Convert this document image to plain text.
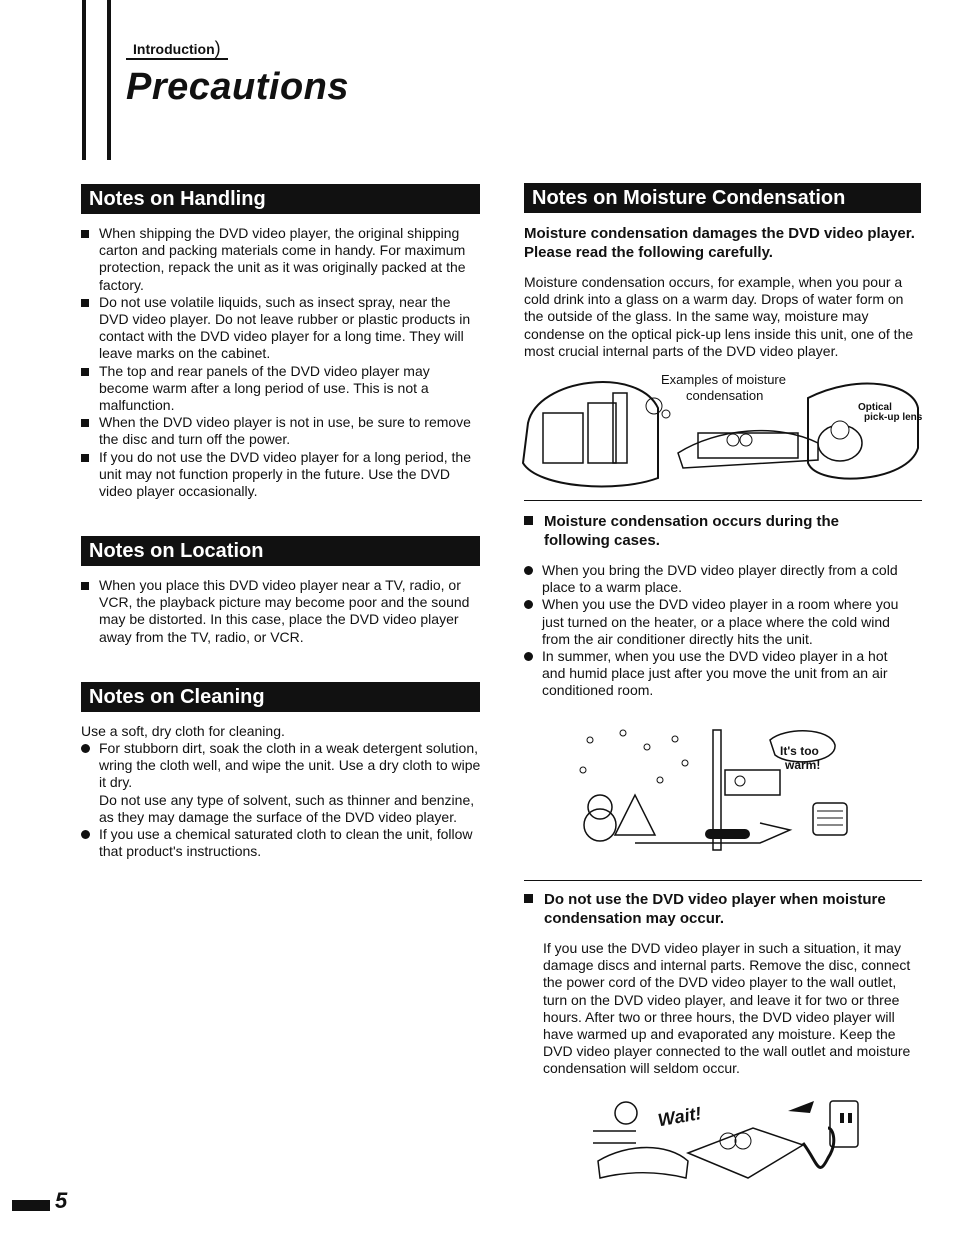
Introduction)
Precautions
Notes on Handling
When shipping the DVD video player, the original shipping carton and packing materials come in handy. For maximum protection, repack the unit as it was originally packed at the factory.
Do not use volatile liquids, such as insect spray, near the DVD video player. Do not leave rubber or plastic products in contact with the DVD video player for a long time. They will leave marks on the cabinet.
The top and rear panels of the DVD video player may become warm after a long period of use. This is not a malfunction.
When the DVD video player is not in use, be sure to remove the disc and turn off the power.
If you do not use the DVD video player for a long period, the unit may not function properly in the future. Use the DVD video player occasionally.
Notes on Location
When you place this DVD video player near a TV, radio, or VCR, the playback picture may become poor and the sound may be distorted. In this case, place the DVD video player away from the TV, radio, or VCR.
Notes on Cleaning
Use a soft, dry cloth for cleaning.
For stubborn dirt, soak the cloth in a weak detergent solution, wring the cloth well, and wipe the unit. Use a dry cloth to wipe it dry.
Do not use any type of solvent, such as thinner and benzine, as they may damage the surface of the DVD video player.
If you use a chemical saturated cloth to clean the unit, follow that product's instructions.
Notes on Moisture Condensation
Moisture condensation damages the DVD video player. Please read the following carefully.
Moisture condensation occurs, for example, when you pour a cold drink into a glass on a warm day. Drops of water form on the outside of the glass. In the same way, moisture may condense on the optical pick-up lens inside this unit, one of the most crucial internal parts of the DVD video player.
Examples of moisture
condensation
Optical
pick-up lens
Moisture condensation occurs during the following cases.
When you bring the DVD video player directly from a cold place to a warm place.
When you use the DVD video player in a room where you just turned on the heater, or a place where the cold wind from the air conditioner directly hits the unit.
In summer, when you use the DVD video player in a hot and humid place just after you move the unit from an air conditioned room.
It's too
warm!
Do not use the DVD video player when moisture condensation may occur.
If you use the DVD video player in such a situation, it may damage discs and internal parts. Remove the disc, connect the power cord of the DVD video player to the wall outlet, turn on the DVD video player, and leave it for two or three hours. After two or three hours, the DVD video player will have warmed up and evaporated any moisture. Keep the DVD video player connected to the wall outlet and moisture condensation will seldom occur.
Wait!
5
